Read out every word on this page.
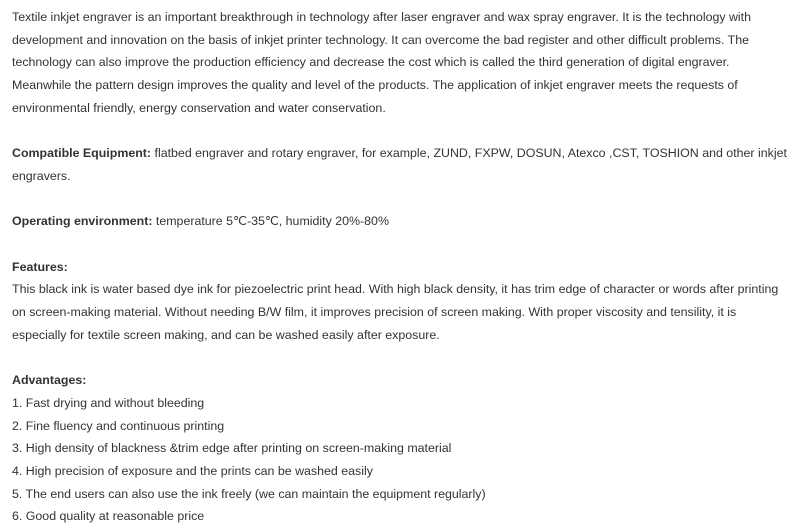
Textile inkjet engraver is an important breakthrough in technology after laser engraver and wax spray engraver. It is the technology with development and innovation on the basis of inkjet printer technology. It can overcome the bad register and other difficult problems. The technology can also improve the production efficiency and decrease the cost which is called the third generation of digital engraver. Meanwhile the pattern design improves the quality and level of the products. The application of inkjet engraver meets the requests of environmental friendly, energy conservation and water conservation.

Compatible Equipment: flatbed engraver and rotary engraver, for example, ZUND, FXPW, DOSUN, Atexco ,CST, TOSHION and other inkjet engravers.

Operating environment: temperature 5℃-35℃, humidity 20%-80%

Features:

This black ink is water based dye ink for piezoelectric print head. With high black density, it has trim edge of character or words after printing on screen-making material. Without needing B/W film, it improves precision of screen making. With proper viscosity and tensility, it is especially for textile screen making, and can be washed easily after exposure.

Advantages:

1. Fast drying and without bleeding
2. Fine fluency and continuous printing
3. High density of blackness &trim edge after printing on screen-making material
4. High precision of exposure and the prints can be washed easily
5. The end users can also use the ink freely (we can maintain the equipment regularly)
6. Good quality at reasonable price
